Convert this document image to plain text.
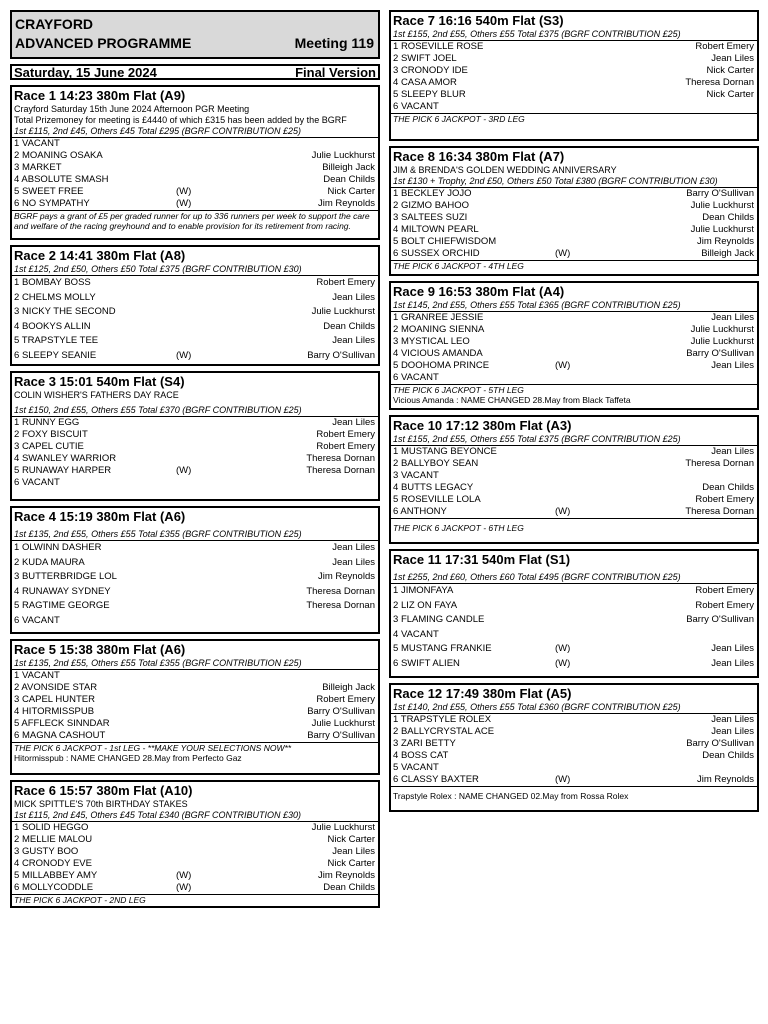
CRAYFORD
ADVANCED PROGRAMME	Meeting 119
Saturday, 15 June 2024	Final Version
Race 1 14:23 380m Flat (A9)
Crayford Saturday 15th June 2024 Afternoon PGR Meeting
Total Prizemoney for meeting is £4440 of which £315 has been added by the BGRF
1st £115, 2nd £45, Others £45 Total £295 (BGRF CONTRIBUTION £25)
1 VACANT
2 MOANING OSAKA	Julie Luckhurst
3 MARKET	Billeigh Jack
4 ABSOLUTE SMASH	Dean Childs
5 SWEET FREE	(W)	Nick Carter
6 NO SYMPATHY	(W)	Jim Reynolds
BGRF pays a grant of £5 per graded runner for up to 336 runners per week to support the care and welfare of the racing greyhound and to enable provision for its retirement from racing.
Race 2 14:41 380m Flat (A8)
1st £125, 2nd £50, Others £50 Total £375 (BGRF CONTRIBUTION £30)
1 BOMBAY BOSS	Robert Emery
2 CHELMS MOLLY	Jean Liles
3 NICKY THE SECOND	Julie Luckhurst
4 BOOKYS ALLIN	Dean Childs
5 TRAPSTYLE TEE	Jean Liles
6 SLEEPY SEANIE	(W)	Barry O'Sullivan
Race 3 15:01 540m Flat (S4)
COLIN WISHER'S FATHERS DAY RACE
1st £150, 2nd £55, Others £55 Total £370 (BGRF CONTRIBUTION £25)
1 RUNNY EGG	Jean Liles
2 FOXY BISCUIT	Robert Emery
3 CAPEL CUTIE	Robert Emery
4 SWANLEY WARRIOR	Theresa Dornan
5 RUNAWAY HARPER	(W)	Theresa Dornan
6 VACANT
Race 4 15:19 380m Flat (A6)
1st £135, 2nd £55, Others £55 Total £355 (BGRF CONTRIBUTION £25)
1 OLWINN DASHER	Jean Liles
2 KUDA MAURA	Jean Liles
3 BUTTERBRIDGE LOL	Jim Reynolds
4 RUNAWAY SYDNEY	Theresa Dornan
5 RAGTIME GEORGE	Theresa Dornan
6 VACANT
Race 5 15:38 380m Flat (A6)
1st £135, 2nd £55, Others £55 Total £355 (BGRF CONTRIBUTION £25)
1 VACANT
2 AVONSIDE STAR	Billeigh Jack
3 CAPEL HUNTER	Robert Emery
4 HITORMISSPUB	Barry O'Sullivan
5 AFFLECK SINNDAR	Julie Luckhurst
6 MAGNA CASHOUT	Barry O'Sullivan
THE PICK 6 JACKPOT - 1st LEG - **MAKE YOUR SELECTIONS NOW**
Hitormisspub : NAME CHANGED 28.May from Perfecto Gaz
Race 6 15:57 380m Flat (A10)
MICK SPITTLE'S 70th BIRTHDAY STAKES
1st £115, 2nd £45, Others £45 Total £340 (BGRF CONTRIBUTION £30)
1 SOLID HEGGO	Julie Luckhurst
2 MELLIE MALOU	Nick Carter
3 GUSTY BOO	Jean Liles
4 CRONODY EVE	Nick Carter
5 MILLABBEY AMY	(W)	Jim Reynolds
6 MOLLYCODDLE	(W)	Dean Childs
THE PICK 6 JACKPOT - 2ND LEG
Race 7 16:16 540m Flat (S3)
1st £155, 2nd £55, Others £55 Total £375 (BGRF CONTRIBUTION £25)
1 ROSEVILLE ROSE	Robert Emery
2 SWIFT JOEL	Jean Liles
3 CRONODY IDE	Nick Carter
4 CASA AMOR	Theresa Dornan
5 SLEEPY BLUR	Nick Carter
6 VACANT
THE PICK 6 JACKPOT - 3RD LEG
Race 8 16:34 380m Flat (A7)
JIM & BRENDA'S GOLDEN WEDDING ANNIVERSARY
1st £130 + Trophy, 2nd £50, Others £50 Total £380 (BGRF CONTRIBUTION £30)
1 BECKLEY JOJO	Barry O'Sullivan
2 GIZMO BAHOO	Julie Luckhurst
3 SALTEES SUZI	Dean Childs
4 MILTOWN PEARL	Julie Luckhurst
5 BOLT CHIEFWISDOM	Jim Reynolds
6 SUSSEX ORCHID	(W)	Billeigh Jack
THE PICK 6 JACKPOT - 4TH LEG
Race 9 16:53 380m Flat (A4)
1st £145, 2nd £55, Others £55 Total £365 (BGRF CONTRIBUTION £25)
1 GRANREE JESSIE	Jean Liles
2 MOANING SIENNA	Julie Luckhurst
3 MYSTICAL LEO	Julie Luckhurst
4 VICIOUS AMANDA	Barry O'Sullivan
5 DOOHOMA PRINCE	(W)	Jean Liles
6 VACANT
THE PICK 6 JACKPOT - 5TH LEG
Vicious Amanda : NAME CHANGED 28.May from Black Taffeta
Race 10 17:12 380m Flat (A3)
1st £155, 2nd £55, Others £55 Total £375 (BGRF CONTRIBUTION £25)
1 MUSTANG BEYONCE	Jean Liles
2 BALLYBOY SEAN	Theresa Dornan
3 VACANT
4 BUTTS LEGACY	Dean Childs
5 ROSEVILLE LOLA	Robert Emery
6 ANTHONY	(W)	Theresa Dornan
THE PICK 6 JACKPOT - 6TH LEG
Race 11 17:31 540m Flat (S1)
1st £255, 2nd £60, Others £60 Total £495 (BGRF CONTRIBUTION £25)
1 JIMONFAYA	Robert Emery
2 LIZ ON FAYA	Robert Emery
3 FLAMING CANDLE	Barry O'Sullivan
4 VACANT
5 MUSTANG FRANKIE	(W)	Jean Liles
6 SWIFT ALIEN	(W)	Jean Liles
Race 12 17:49 380m Flat (A5)
1st £140, 2nd £55, Others £55 Total £360 (BGRF CONTRIBUTION £25)
1 TRAPSTYLE ROLEX	Jean Liles
2 BALLYCRYSTAL ACE	Jean Liles
3 ZARI BETTY	Barry O'Sullivan
4 BOSS CAT	Dean Childs
5 VACANT
6 CLASSY BAXTER	(W)	Jim Reynolds
Trapstyle Rolex : NAME CHANGED 02.May from Rossa Rolex
